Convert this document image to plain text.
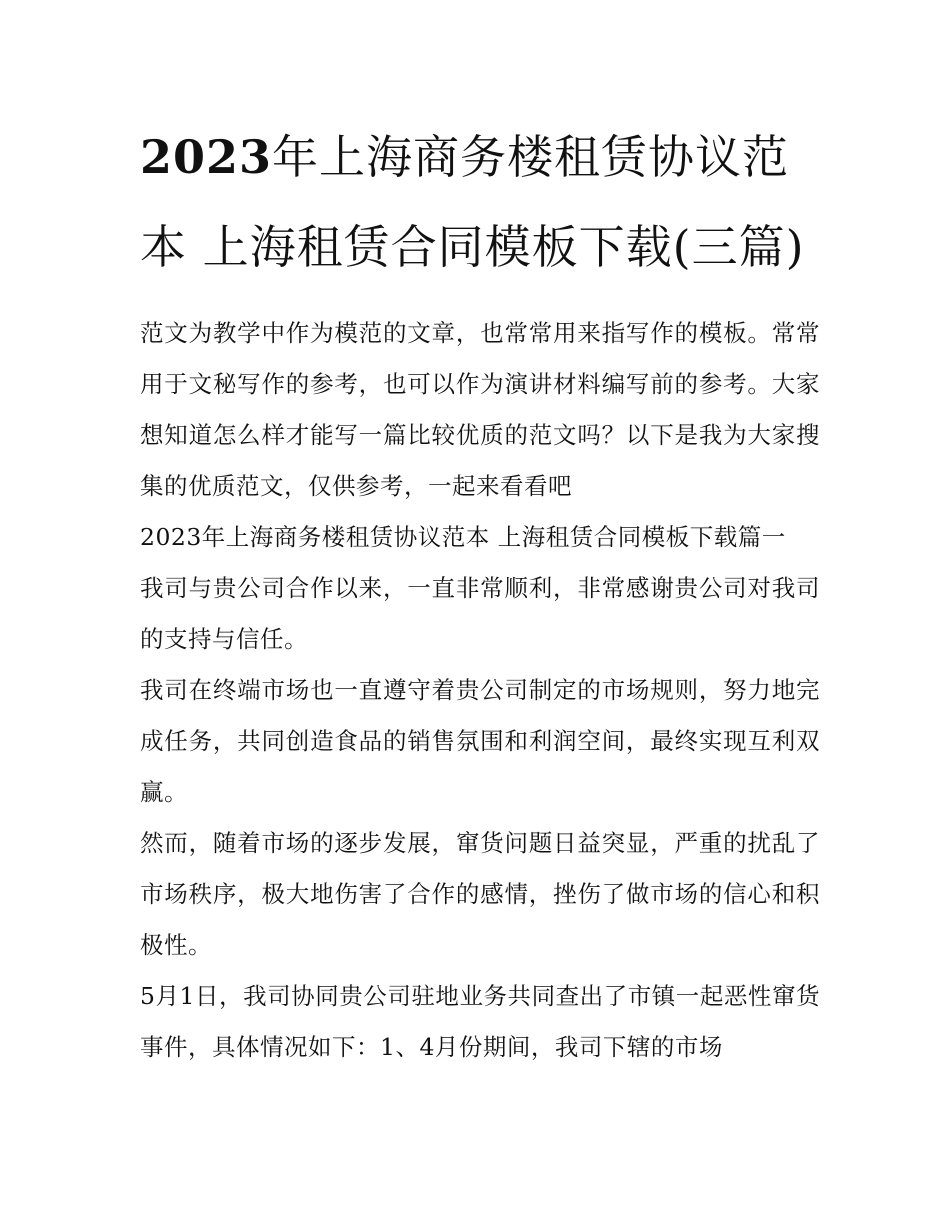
2023年上海商务楼租赁协议范本 上海租赁合同模板下载(三篇)

范文为教学中作为模范的文章，也常常用来指写作的模板。常常用于文秘写作的参考，也可以作为演讲材料编写前的参考。大家想知道怎么样才能写一篇比较优质的范文吗？以下是我为大家搜集的优质范文，仅供参考，一起来看看吧

2023年上海商务楼租赁协议范本 上海租赁合同模板下载篇一

我司与贵公司合作以来，一直非常顺利，非常感谢贵公司对我司的支持与信任。

我司在终端市场也一直遵守着贵公司制定的市场规则，努力地完成任务，共同创造食品的销售氛围和利润空间，最终实现互利双赢。

然而，随着市场的逐步发展，窜货问题日益突显，严重的扰乱了市场秩序，极大地伤害了合作的感情，挫伤了做市场的信心和积极性。

5月1日，我司协同贵公司驻地业务共同查出了市镇一起恶性窜货事件，具体情况如下：1、4月份期间，我司下辖的市场
